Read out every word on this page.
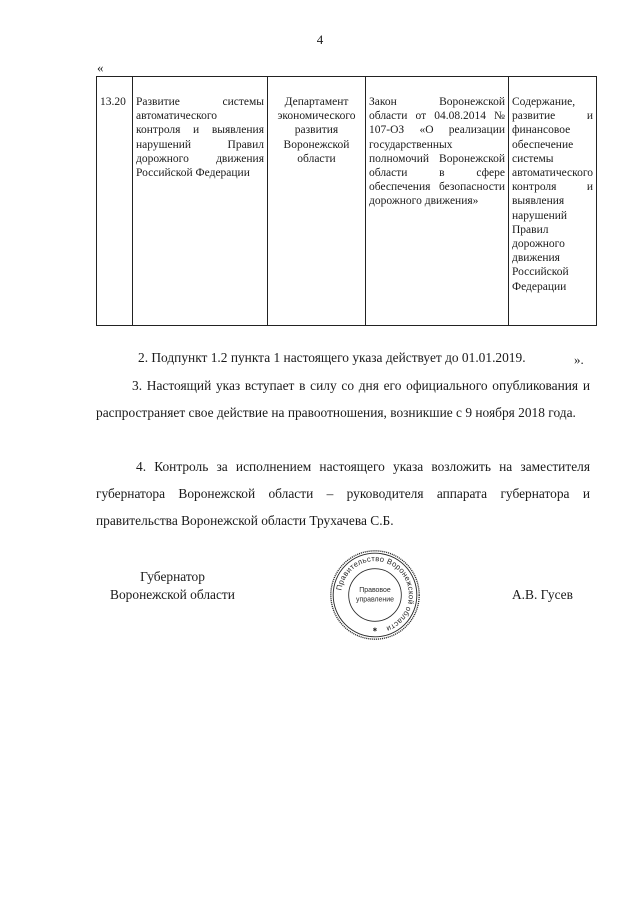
4
«
13.20	Развитие системы автоматического контроля и выявления нарушений Правил дорожного движения Российской Федерации	Департамент экономического развития Воронежской области	Закон Воронежской области от 04.08.2014 № 107-ОЗ «О реализации государственных полномочий Воронежской области в сфере обеспечения безопасности дорожного движения»	Содержание, развитие и финансовое обеспечение системы автоматического контроля и выявления нарушений Правил дорожного движения Российской Федерации
».
2. Подпункт 1.2 пункта 1 настоящего указа действует до 01.01.2019.
3. Настоящий указ вступает в силу со дня его официального опубликования и распространяет свое действие на правоотношения, возникшие с 9 ноября 2018 года.
4. Контроль за исполнением настоящего указа возложить на заместителя губернатора Воронежской области – руководителя аппарата губернатора и правительства Воронежской области Трухачева С.Б.
Губернатор
Воронежской области	Правительство Воронежской области
Правовое
управление
✱
А.В. Гусев
